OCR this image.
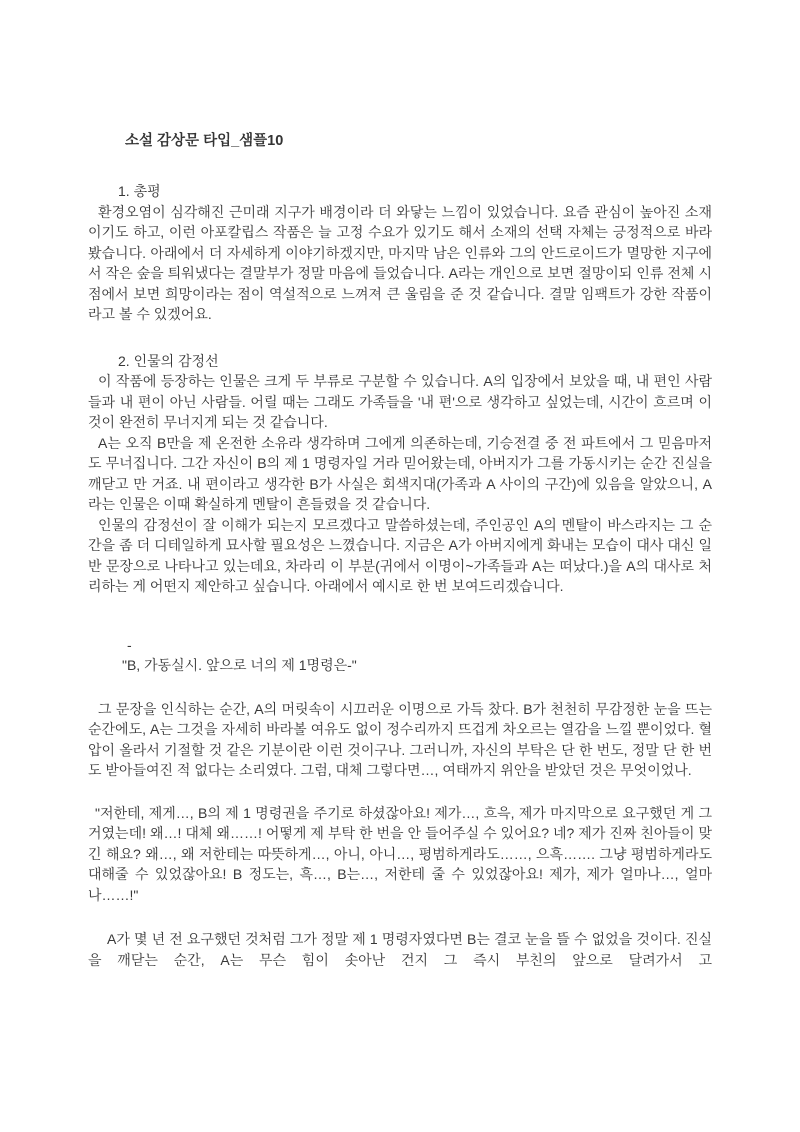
소설 감상문 타입_샘플10
1. 총평

환경오염이 심각해진 근미래 지구가 배경이라 더 와닿는 느낌이 있었습니다. 요즘 관심이 높아진 소재이기도 하고, 이런 아포칼립스 작품은 늘 고정 수요가 있기도 해서 소재의 선택 자체는 긍정적으로 바라봤습니다. 아래에서 더 자세하게 이야기하겠지만, 마지막 남은 인류와 그의 안드로이드가 멸망한 지구에서 작은 숲을 틔워냈다는 결말부가 정말 마음에 들었습니다. A라는 개인으로 보면 절망이되 인류 전체 시점에서 보면 희망이라는 점이 역설적으로 느껴져 큰 울림을 준 것 같습니다. 결말 임팩트가 강한 작품이라고 볼 수 있겠어요.

2. 인물의 감정선

이 작품에 등장하는 인물은 크게 두 부류로 구분할 수 있습니다. A의 입장에서 보았을 때, 내 편인 사람들과 내 편이 아닌 사람들. 어릴 때는 그래도 가족들을 '내 편'으로 생각하고 싶었는데, 시간이 흐르며 이것이 완전히 무너지게 되는 것 같습니다.

A는 오직 B만을 제 온전한 소유라 생각하며 그에게 의존하는데, 기승전결 중 전 파트에서 그 믿음마저도 무너집니다. 그간 자신이 B의 제 1 명령자일 거라 믿어왔는데, 아버지가 그를 가동시키는 순간 진실을 깨닫고 만 거죠. 내 편이라고 생각한 B가 사실은 회색지대(가족과 A 사이의 구간)에 있음을 알았으니, A라는 인물은 이때 확실하게 멘탈이 흔들렸을 것 같습니다.

인물의 감정선이 잘 이해가 되는지 모르겠다고 말씀하셨는데, 주인공인 A의 멘탈이 바스라지는 그 순간을 좀 더 디테일하게 묘사할 필요성은 느꼈습니다. 지금은 A가 아버지에게 화내는 모습이 대사 대신 일반 문장으로 나타나고 있는데요, 차라리 이 부분(귀에서 이명이~가족들과 A는 떠났다.)을 A의 대사로 처리하는 게 어떤지 제안하고 싶습니다. 아래에서 예시로 한 번 보여드리겠습니다.

-
"B, 가동실시. 앞으로 너의 제 1명령은-"

그 문장을 인식하는 순간, A의 머릿속이 시끄러운 이명으로 가득 찼다. B가 천천히 무감정한 눈을 뜨는 순간에도, A는 그것을 자세히 바라볼 여유도 없이 정수리까지 뜨겁게 차오르는 열감을 느낄 뿐이었다. 혈압이 올라서 기절할 것 같은 기분이란 이런 것이구나. 그러니까, 자신의 부탁은 단 한 번도, 정말 단 한 번도 받아들여진 적 없다는 소리였다. 그럼, 대체 그렇다면…, 여태까지 위안을 받았던 것은 무엇이었나.

"저한테, 제게…, B의 제 1 명령권을 주기로 하셨잖아요! 제가…, 흐윽, 제가 마지막으로 요구했던 게 그거였는데! 왜…! 대체 왜……! 어떻게 제 부탁 한 번을 안 들어주실 수 있어요? 네? 제가 진짜 친아들이 맞긴 해요? 왜…, 왜 저한테는 따뜻하게…, 아니, 아니…, 평범하게라도……, 으흑……. 그냥 평범하게라도 대해줄 수 있었잖아요! B 정도는, 흑…, B는…, 저한테 줄 수 있었잖아요! 제가, 제가 얼마나…, 얼마나……!"

A가 몇 년 전 요구했던 것처럼 그가 정말 제 1 명령자였다면 B는 결코 눈을 뜰 수 없었을 것이다. 진실을 깨닫는 순간, A는 무슨 힘이 솟아난 건지 그 즉시 부친의 앞으로 달려가서 고
